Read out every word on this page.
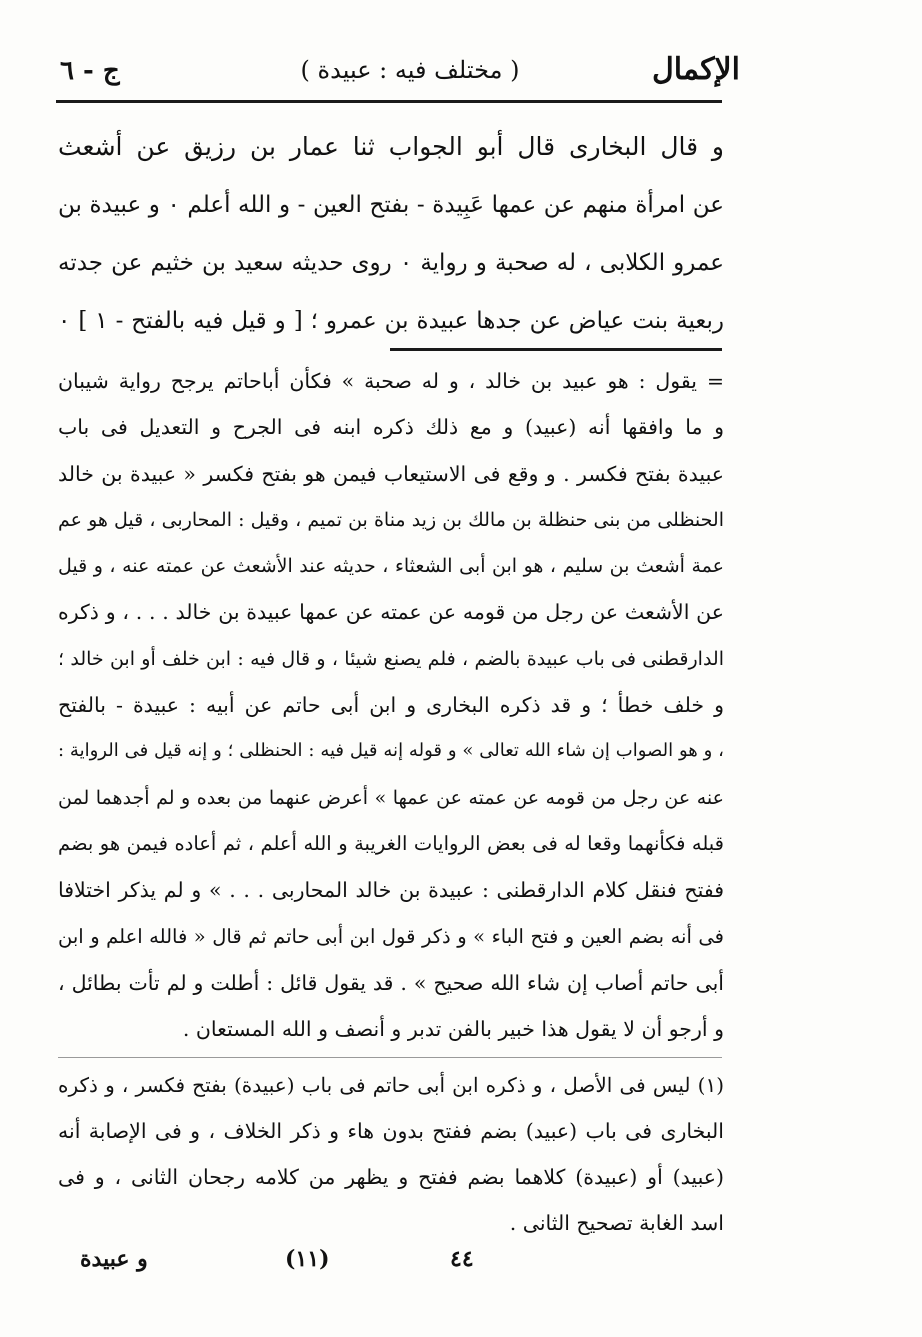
الإكمال
( مختلف فيه : عبيدة )
ج - ٦
و قال البخارى قال أبو الجواب ثنا عمار بن رزيق عن أشعث
عن امرأة منهم عن عمها عَبِيدة - بفتح العين - و الله أعلم ٠ و عبيدة بن
عمرو الكلابى ، له صحبة و رواية ٠ روى حديثه سعيد بن خثيم عن جدته
ربعية بنت عياض عن جدها عبيدة بن عمرو ؛ [ و قيل فيه بالفتح - ١ ] ٠
= يقول : هو عبيد بن خالد ، و له صحبة » فكأن أباحاتم يرجح رواية شيبان
و ما وافقها أنه (عبيد) و مع ذلك ذكره ابنه فى الجرح و التعديل فى باب
عبيدة بفتح فكسر . و وقع فى الاستيعاب فيمن هو بفتح فكسر « عبيدة بن خالد
الحنظلى من بنى حنظلة بن مالك بن زيد مناة بن تميم ، وقيل : المحاربى ، قيل هو عم
عمة أشعث بن سليم ، هو ابن أبى الشعثاء ، حديثه عند الأشعث عن عمته عنه ، و قيل
عن الأشعث عن رجل من قومه عن عمته عن عمها عبيدة بن خالد . . . ، و ذكره
الدارقطنى فى باب عبيدة بالضم ، فلم يصنع شيئا ، و قال فيه : ابن خلف أو ابن خالد ؛
و خلف خطأ ؛ و قد ذكره البخارى و ابن أبى حاتم عن أبيه : عبيدة - بالفتح
، و هو الصواب إن شاء الله تعالى » و قوله إنه قيل فيه : الحنظلى ؛ و إنه قيل فى الرواية :
عنه عن رجل من قومه عن عمته عن عمها » أعرض عنهما من بعده و لم أجدهما لمن
قبله فكأنهما وقعا له فى بعض الروايات الغريبة و الله أعلم ، ثم أعاده فيمن هو بضم
ففتح فنقل كلام الدارقطنى : عبيدة بن خالد المحاربى . . . » و لم يذكر اختلافا
فى أنه بضم العين و فتح الباء » و ذكر قول ابن أبى حاتم ثم قال « فالله اعلم و ابن
أبى حاتم أصاب إن شاء الله صحيح » . قد يقول قائل : أطلت و لم تأت بطائل ،
و أرجو أن لا يقول هذا خبير بالفن تدبر و أنصف و الله المستعان .
(١) ليس فى الأصل ، و ذكره ابن أبى حاتم فى باب (عبيدة) بفتح فكسر ، و ذكره
البخارى فى باب (عبيد) بضم ففتح بدون هاء و ذكر الخلاف ، و فى الإصابة أنه
(عبيد) أو (عبيدة) كلاهما بضم ففتح و يظهر من كلامه رجحان الثانى ، و فى
اسد الغابة تصحيح الثانى .
و عبيدة	(١١)	٤٤
